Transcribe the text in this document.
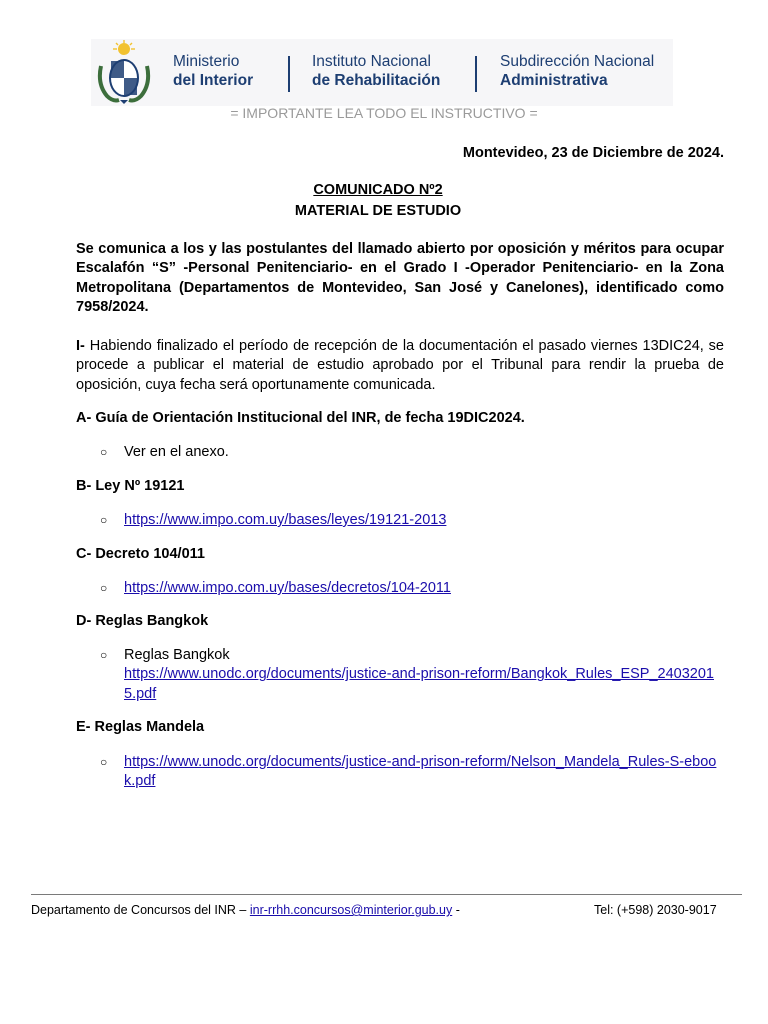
Ministerio
del Interior
Instituto Nacional
de Rehabilitación
Subdirección Nacional
Administrativa
= IMPORTANTE LEA TODO EL INSTRUCTIVO =
Montevideo, 23 de Diciembre de 2024.
COMUNICADO Nº2
MATERIAL DE ESTUDIO
Se comunica a los y las postulantes del llamado abierto por oposición y méritos para ocupar Escalafón “S” -Personal Penitenciario- en el Grado I -Operador Penitenciario- en la Zona Metropolitana (Departamentos de Montevideo, San José y Canelones), identificado como 7958/2024.
I- Habiendo finalizado el período de recepción de la documentación el pasado viernes 13DIC24, se procede a publicar el material de estudio aprobado por el Tribunal para rendir la prueba de oposición, cuya fecha será oportunamente comunicada.
A- Guía de Orientación Institucional del INR, de fecha 19DIC2024.
○ Ver en el anexo.
B- Ley Nº 19121
○ https://www.impo.com.uy/bases/leyes/19121-2013
C- Decreto 104/011
○ https://www.impo.com.uy/bases/decretos/104-2011
D- Reglas Bangkok
○ Reglas Bangkok
https://www.unodc.org/documents/justice-and-prison-reform/Bangkok_Rules_ESP_24032015.pdf
E- Reglas Mandela
○ https://www.unodc.org/documents/justice-and-prison-reform/Nelson_Mandela_Rules-S-ebook.pdf
Departamento de Concursos del INR – inr-rrhh.concursos@minterior.gub.uy -	Tel: (+598) 2030-9017
